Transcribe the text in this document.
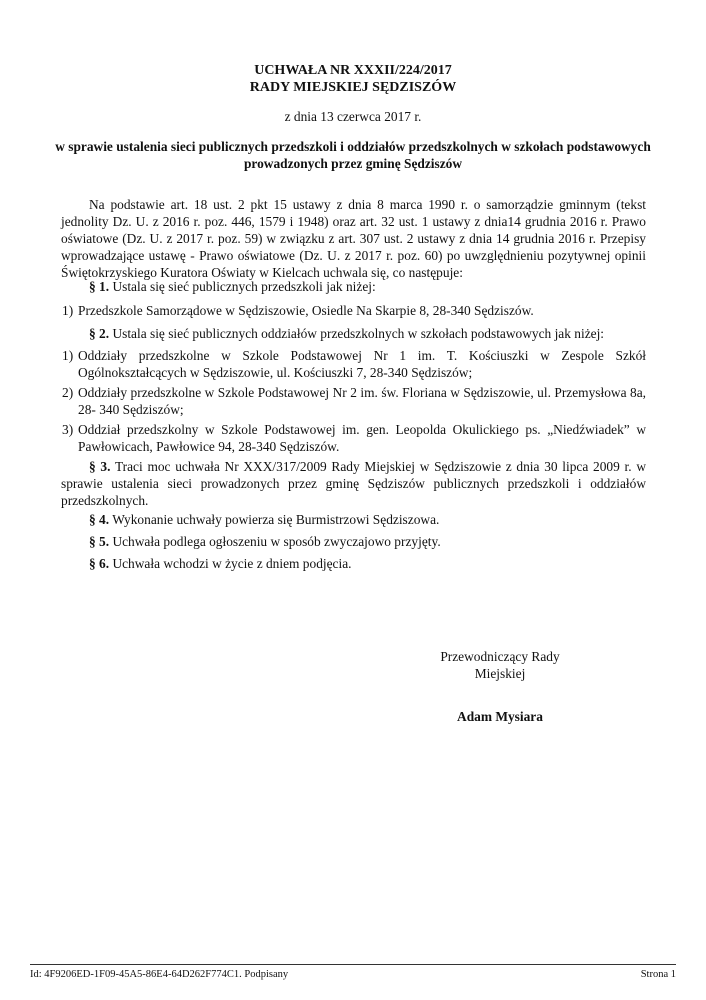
UCHWAŁA NR XXXII/224/2017
RADY MIEJSKIEJ SĘDZISZÓW
z dnia 13 czerwca 2017 r.
w sprawie ustalenia sieci publicznych przedszkoli i oddziałów przedszkolnych w szkołach podstawowych
prowadzonych przez gminę Sędziszów
Na podstawie art. 18 ust. 2 pkt 15 ustawy z dnia 8 marca 1990 r. o samorządzie gminnym (tekst jednolity Dz. U. z 2016 r. poz. 446, 1579 i 1948) oraz art. 32 ust. 1 ustawy z dnia14 grudnia 2016 r. Prawo oświatowe (Dz. U. z 2017 r. poz. 59) w związku z art. 307 ust. 2 ustawy z dnia 14 grudnia 2016 r. Przepisy wprowadzające ustawę - Prawo oświatowe (Dz. U. z 2017 r. poz. 60) po uwzględnieniu pozytywnej opinii Świętokrzyskiego Kuratora Oświaty w Kielcach uchwala się, co następuje:
§ 1. Ustala się sieć publicznych przedszkoli jak niżej:
1) Przedszkole Samorządowe w Sędziszowie, Osiedle Na Skarpie 8, 28-340 Sędziszów.
§ 2. Ustala się sieć publicznych oddziałów przedszkolnych w szkołach podstawowych jak niżej:
1) Oddziały przedszkolne w Szkole Podstawowej Nr 1 im. T. Kościuszki w Zespole Szkół Ogólnokształcących w Sędziszowie, ul. Kościuszki 7, 28-340 Sędziszów;
2) Oddziały przedszkolne w Szkole Podstawowej Nr 2 im. św. Floriana w Sędziszowie, ul. Przemysłowa 8a, 28- 340 Sędziszów;
3) Oddział przedszkolny w Szkole Podstawowej im. gen. Leopolda Okulickiego ps. „Niedźwiadek” w Pawłowicach, Pawłowice 94, 28-340 Sędziszów.
§ 3. Traci moc uchwała Nr XXX/317/2009 Rady Miejskiej w Sędziszowie z dnia 30 lipca 2009 r. w sprawie ustalenia sieci prowadzonych przez gminę Sędziszów publicznych przedszkoli i oddziałów przedszkolnych.
§ 4. Wykonanie uchwały powierza się Burmistrzowi Sędziszowa.
§ 5. Uchwała podlega ogłoszeniu w sposób zwyczajowo przyjęty.
§ 6. Uchwała wchodzi w życie z dniem podjęcia.
Przewodniczący Rady
Miejskiej
Adam Mysiara
Id: 4F9206ED-1F09-45A5-86E4-64D262F774C1. Podpisany	Strona 1
